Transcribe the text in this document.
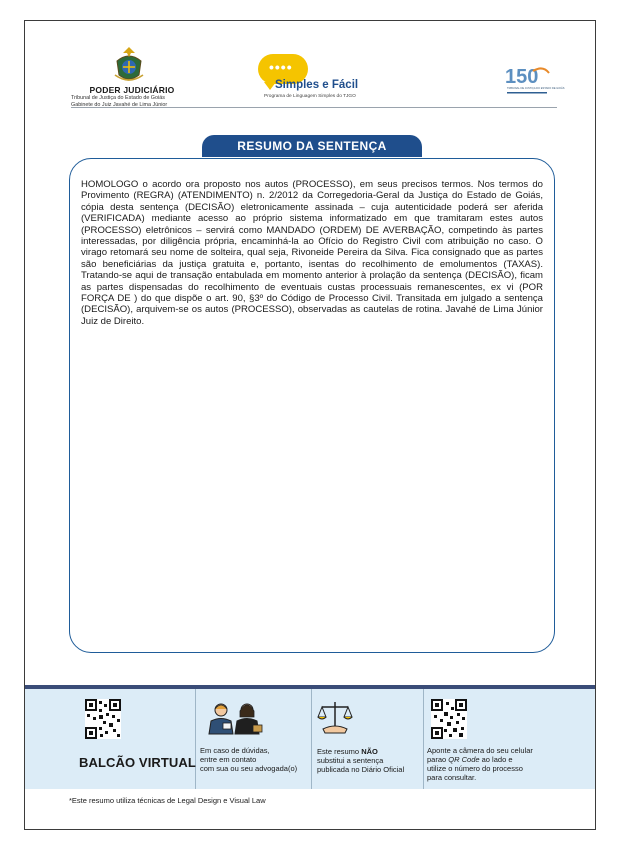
PODER JUDICIÁRIO
Tribunal de Justiça do Estado de Goiás
Gabinete do Juiz Javahé de Lima Júnior
••••
Simples e Fácil
Programa de Linguagem Simples do TJGO
150
TRIBUNAL DE JUSTIÇA DO ESTADO DE GOIÁS
RESUMO DA SENTENÇA

HOMOLOGO o acordo ora proposto nos autos (PROCESSO), em seus precisos termos. Nos termos do Provimento (REGRA) (ATENDIMENTO) n. 2/2012 da Corregedoria-Geral da Justiça do Estado de Goiás, cópia desta sentença (DECISÃO) eletronicamente assinada – cuja autenticidade poderá ser aferida (VERIFICADA) mediante acesso ao próprio sistema informatizado em que tramitaram estes autos (PROCESSO) eletrônicos – servirá como MANDADO (ORDEM) DE AVERBAÇÃO, competindo às partes interessadas, por diligência própria, encaminhá-la ao Ofício do Registro Civil com atribuição no caso. O virago retomará seu nome de solteira, qual seja, Rivoneide Pereira da Silva. Fica consignado que as partes são beneficiárias da justiça gratuita e, portanto, isentas do recolhimento de emolumentos (TAXAS). Tratando-se aqui de transação entabulada em momento anterior à prolação da sentença (DECISÃO), ficam as partes dispensadas do recolhimento de eventuais custas processuais remanescentes, ex vi (POR FORÇA DE ) do que dispõe o art. 90, §3º do Código de Processo Civil. Transitada em julgado a sentença (DECISÃO), arquivem-se os autos (PROCESSO), observadas as cautelas de rotina. Javahé de Lima Júnior Juiz de Direito.

BALCÃO VIRTUAL
Em caso de dúvidas,
entre em contato
com sua ou seu advogada(o)
Este resumo NÃO
substitui a sentença
publicada no Diário Oficial
Aponte a câmera do seu celular
parao QR Code ao lado e
utilize o número do processo
para consultar.
*Este resumo utiliza técnicas de Legal Design e Visual Law
